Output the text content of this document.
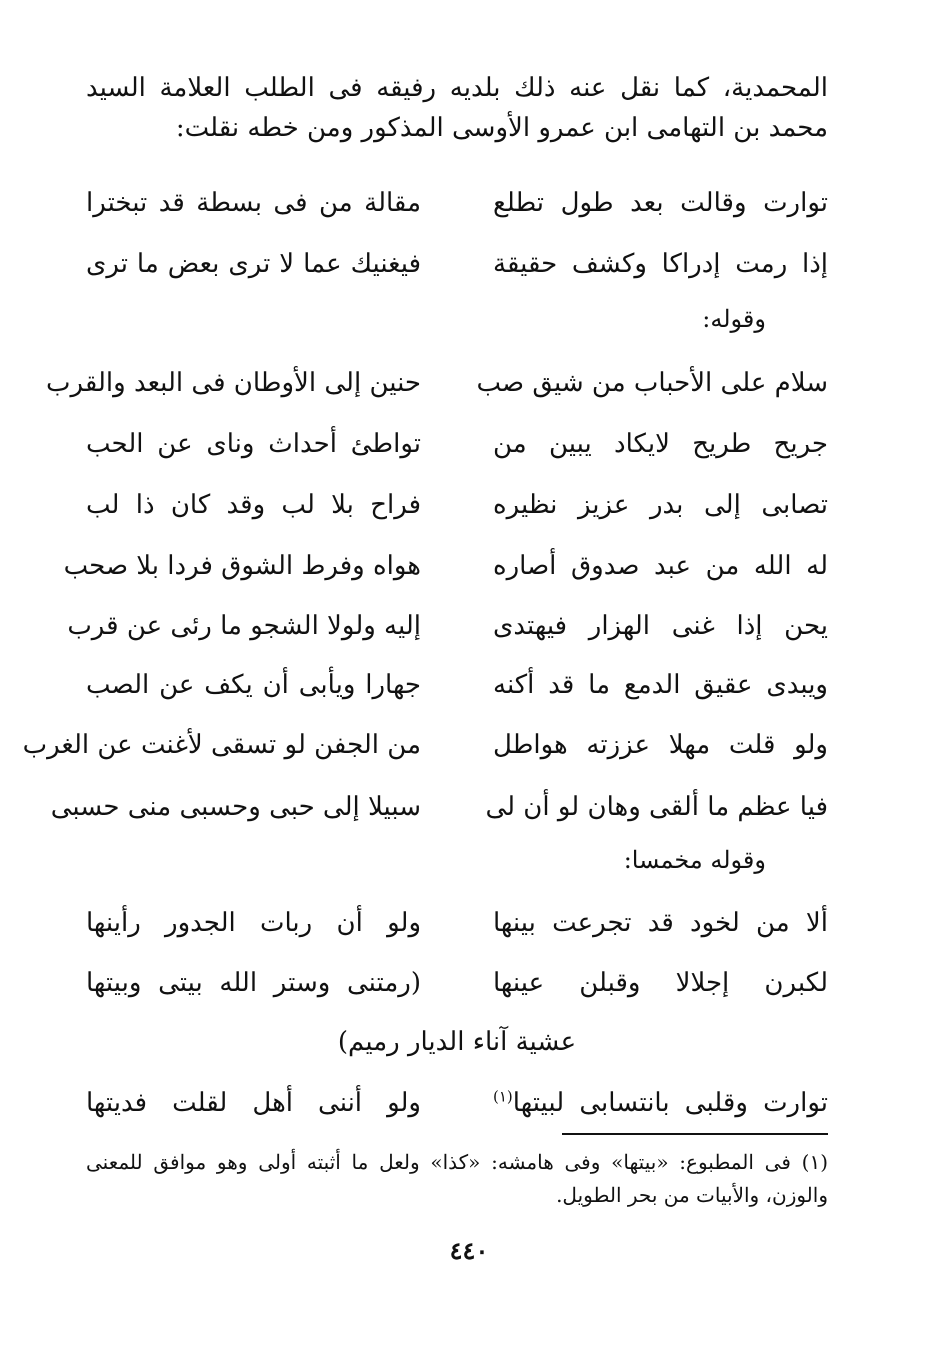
المحمدية، كما نقل عنه ذلك بلديه رفيقه فى الطلب العلامة السيد محمد بن التهامى ابن عمرو الأوسى المذكور ومن خطه نقلت:
توارت وقالت بعد طول تطلع
مقالة من فى بسطة قد تبخترا
إذا رمت إدراكا وكشف حقيقة
فيغنيك عما لا ترى بعض ما ترى
وقوله:
سلام على الأحباب من شيق صب
حنين إلى الأوطان فى البعد والقرب
جريح طريح لايكاد يبين من
تواطئ أحداث وناى عن الحب
تصابى إلى بدر عزيز نظيره
فراح بلا لب وقد كان ذا لب
له الله من عبد صدوق أصاره
هواه وفرط الشوق فردا بلا صحب
يحن إذا غنى الهزار فيهتدى
إليه ولولا الشجو ما رئى عن قرب
ويبدى عقيق الدمع ما قد أكنه
جهارا ويأبى أن يكف عن الصب
ولو قلت مهلا عززته هواطل
من الجفن لو تسقى لأغنت عن الغرب
فيا عظم ما ألقى وهان لو أن لى
سبيلا إلى حبى وحسبى منى حسبى
وقوله مخمسا:
ألا من لخود قد تجرعت بينها
ولو أن ربات الجدور رأينها
لكبرن إجلالا وقبلن عينها
(رمتنى وستر الله بيتى وبيتها
عشية آناء الديار رميم)
توارت وقلبى بانتسابى لبيتها$^{(١)}$
ولو أننى أهل لقلت فديتها
(١) فى المطبوع: «بيتها» وفى هامشه: «كذا» ولعل ما أثبته أولى وهو موافق للمعنى والوزن، والأبيات من بحر الطويل.
٤٤٠
